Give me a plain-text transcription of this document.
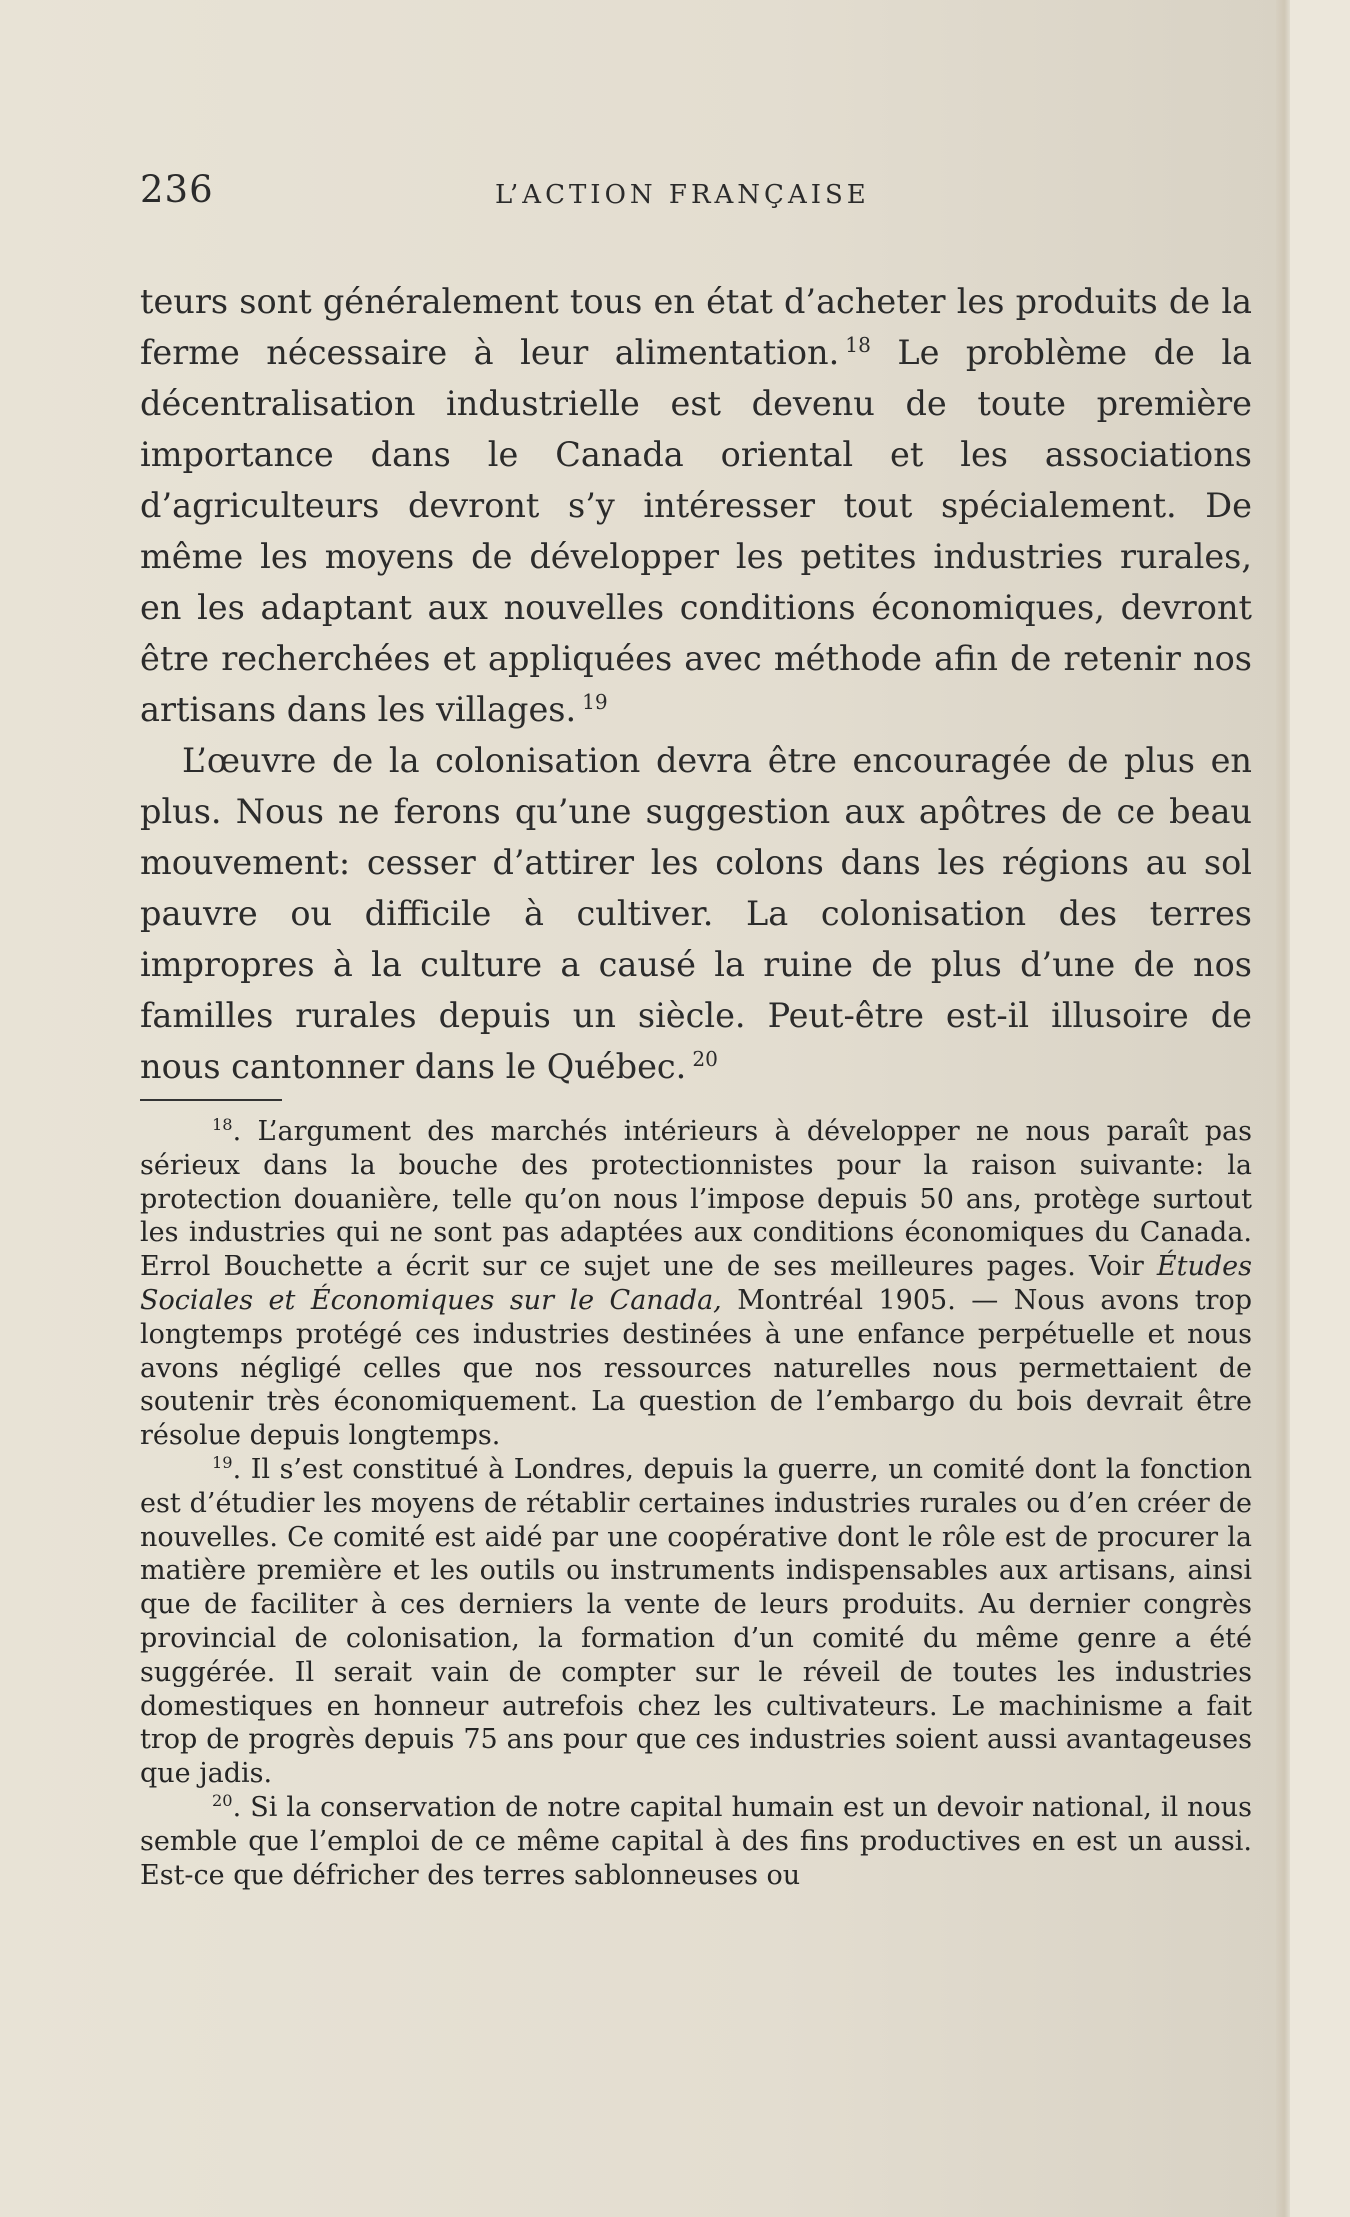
236	L’ACTION FRANÇAISE

teurs sont généralement tous en état d’acheter les produits de la ferme nécessaire à leur alimentation. $^{18}$ Le problème de la décentralisation industrielle est devenu de toute première importance dans le Canada oriental et les associations d’agriculteurs devront s’y intéresser tout spécialement. De même les moyens de développer les petites industries rurales, en les adaptant aux nouvelles conditions économiques, devront être recherchées et appliquées avec méthode afin de retenir nos artisans dans les villages. $^{19}$

L’œuvre de la colonisation devra être encouragée de plus en plus. Nous ne ferons qu’une suggestion aux apôtres de ce beau mouvement: cesser d’attirer les colons dans les régions au sol pauvre ou difficile à cultiver. La colonisation des terres impropres à la culture a causé la ruine de plus d’une de nos familles rurales depuis un siècle. Peut-être est-il illusoire de nous cantonner dans le Québec. $^{20}$

$^{18}$. L’argument des marchés intérieurs à développer ne nous paraît pas sérieux dans la bouche des protectionnistes pour la raison suivante: la protection douanière, telle qu’on nous l’impose depuis 50 ans, protège surtout les industries qui ne sont pas adaptées aux conditions économiques du Canada. Errol Bouchette a écrit sur ce sujet une de ses meilleures pages. Voir Études Sociales et Économiques sur le Canada, Montréal 1905. — Nous avons trop longtemps protégé ces industries destinées à une enfance perpétuelle et nous avons négligé celles que nos ressources naturelles nous permettaient de soutenir très économiquement. La question de l’embargo du bois devrait être résolue depuis longtemps.

$^{19}$. Il s’est constitué à Londres, depuis la guerre, un comité dont la fonction est d’étudier les moyens de rétablir certaines industries rurales ou d’en créer de nouvelles. Ce comité est aidé par une coopérative dont le rôle est de procurer la matière première et les outils ou instruments indispensables aux artisans, ainsi que de faciliter à ces derniers la vente de leurs produits. Au dernier congrès provincial de colonisation, la formation d’un comité du même genre a été suggérée. Il serait vain de compter sur le réveil de toutes les industries domestiques en honneur autrefois chez les cultivateurs. Le machinisme a fait trop de progrès depuis 75 ans pour que ces industries soient aussi avantageuses que jadis.

$^{20}$. Si la conservation de notre capital humain est un devoir national, il nous semble que l’emploi de ce même capital à des fins productives en est un aussi. Est-ce que défricher des terres sablonneuses ou
